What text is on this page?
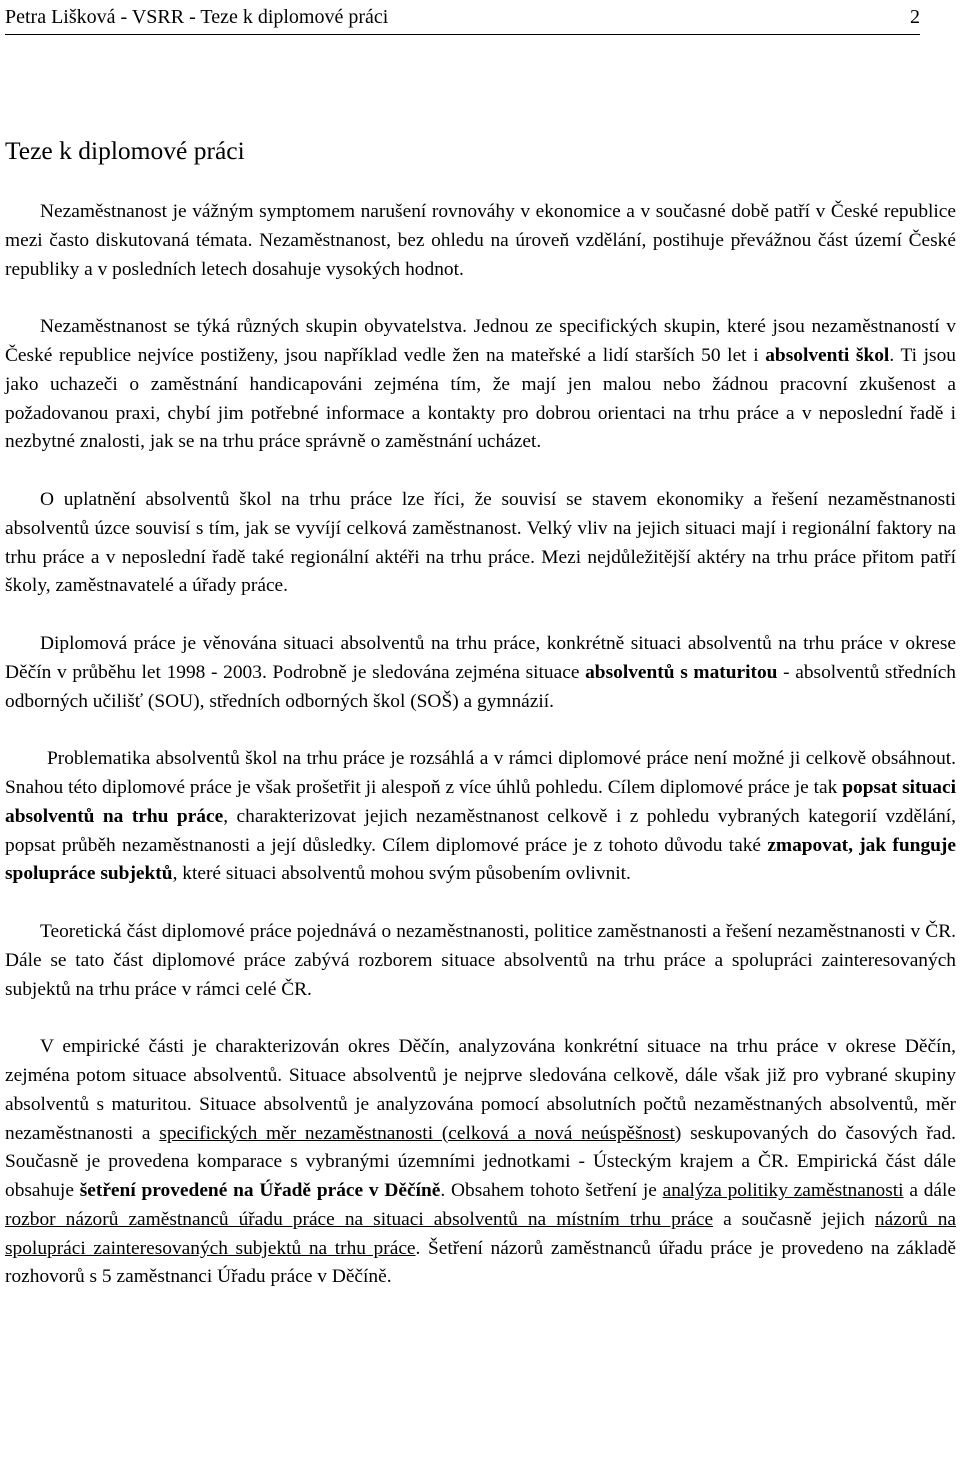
Petra Lišková - VSRR - Teze k diplomové práci	2
Teze k diplomové práci

Nezaměstnanost je vážným symptomem narušení rovnováhy v ekonomice a v současné době patří v České republice mezi často diskutovaná témata. Nezaměstnanost, bez ohledu na úroveň vzdělání, postihuje převážnou část území České republiky a v posledních letech dosahuje vysokých hodnot.

Nezaměstnanost se týká různých skupin obyvatelstva. Jednou ze specifických skupin, které jsou nezaměstnaností v České republice nejvíce postiženy, jsou například vedle žen na mateřské a lidí starších 50 let i absolventi škol. Ti jsou jako uchazeči o zaměstnání handicapováni zejména tím, že mají jen malou nebo žádnou pracovní zkušenost a požadovanou praxi, chybí jim potřebné informace a kontakty pro dobrou orientaci na trhu práce a v neposlední řadě i nezbytné znalosti, jak se na trhu práce správně o zaměstnání ucházet.

O uplatnění absolventů škol na trhu práce lze říci, že souvisí se stavem ekonomiky a řešení nezaměstnanosti absolventů úzce souvisí s tím, jak se vyvíjí celková zaměstnanost. Velký vliv na jejich situaci mají i regionální faktory na trhu práce a v neposlední řadě také regionální aktéři na trhu práce. Mezi nejdůležitější aktéry na trhu práce přitom patří školy, zaměstnavatelé a úřady práce.

Diplomová práce je věnována situaci absolventů na trhu práce, konkrétně situaci absolventů na trhu práce v okrese Děčín v průběhu let 1998 - 2003. Podrobně je sledována zejména situace absolventů s maturitou - absolventů středních odborných učilišť (SOU), středních odborných škol (SOŠ) a gymnázií.

Problematika absolventů škol na trhu práce je rozsáhlá a v rámci diplomové práce není možné ji celkově obsáhnout. Snahou této diplomové práce je však prošetřit ji alespoň z více úhlů pohledu. Cílem diplomové práce je tak popsat situaci absolventů na trhu práce, charakterizovat jejich nezaměstnanost celkově i z pohledu vybraných kategorií vzdělání, popsat průběh nezaměstnanosti a její důsledky. Cílem diplomové práce je z tohoto důvodu také zmapovat, jak funguje spolupráce subjektů, které situaci absolventů mohou svým působením ovlivnit.

Teoretická část diplomové práce pojednává o nezaměstnanosti, politice zaměstnanosti a řešení nezaměstnanosti v ČR. Dále se tato část diplomové práce zabývá rozborem situace absolventů na trhu práce a spolupráci zainteresovaných subjektů na trhu práce v rámci celé ČR.

V empirické části je charakterizován okres Děčín, analyzována konkrétní situace na trhu práce v okrese Děčín, zejména potom situace absolventů. Situace absolventů je nejprve sledována celkově, dále však již pro vybrané skupiny absolventů s maturitou. Situace absolventů je analyzována pomocí absolutních počtů nezaměstnaných absolventů, měr nezaměstnanosti a specifických měr nezaměstnanosti (celková a nová neúspěšnost) seskupovaných do časových řad. Současně je provedena komparace s vybranými územními jednotkami - Ústeckým krajem a ČR. Empirická část dále obsahuje šetření provedené na Úřadě práce v Děčíně. Obsahem tohoto šetření je analýza politiky zaměstnanosti a dále rozbor názorů zaměstnanců úřadu práce na situaci absolventů na místním trhu práce a současně jejich názorů na spolupráci zainteresovaných subjektů na trhu práce. Šetření názorů zaměstnanců úřadu práce je provedeno na základě rozhovorů s 5 zaměstnanci Úřadu práce v Děčíně.
